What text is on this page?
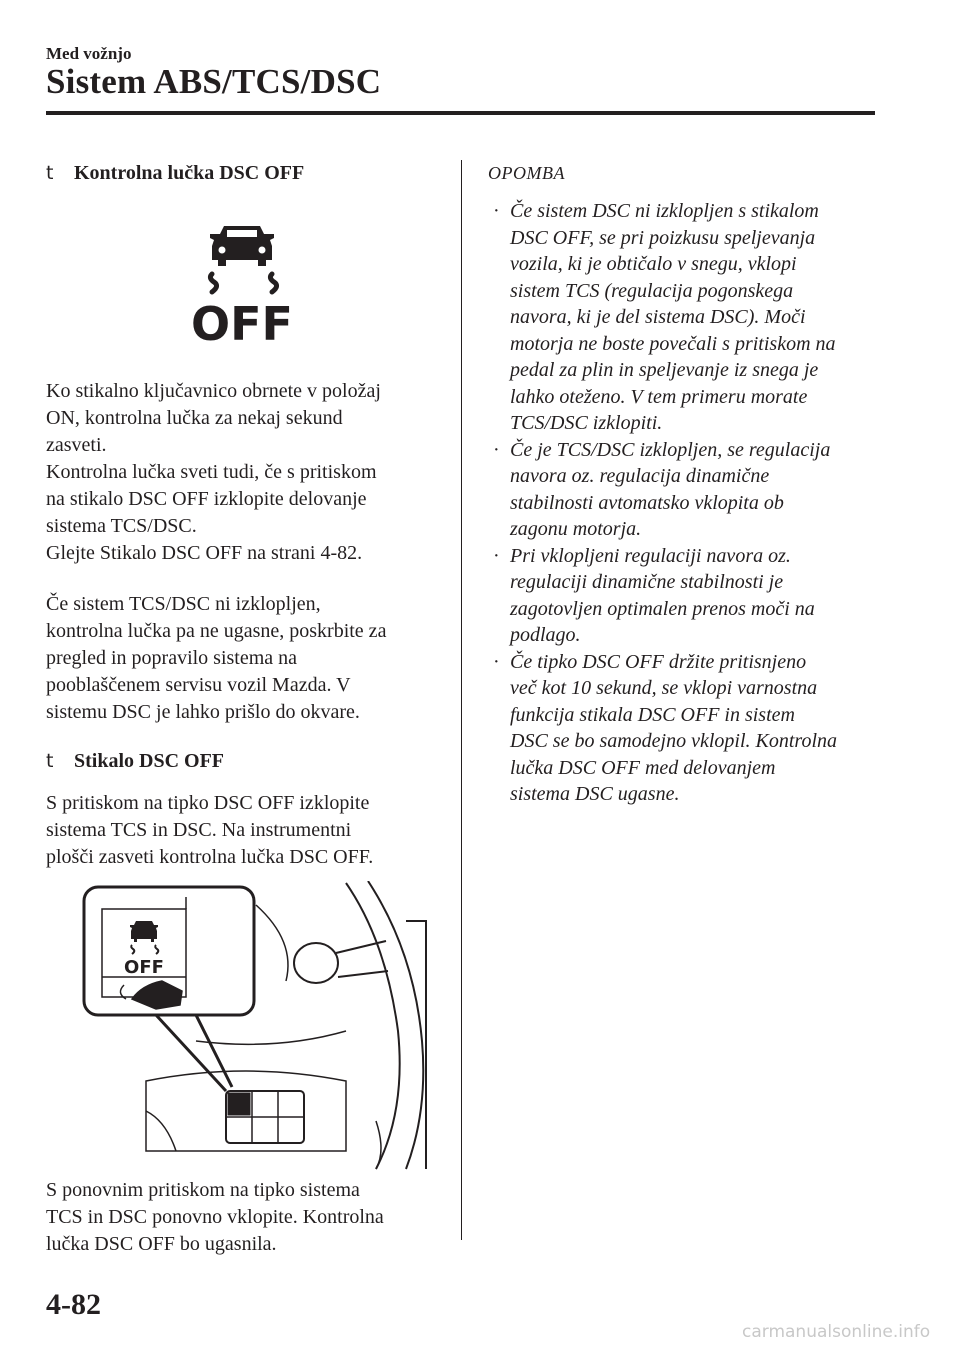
Med vožnjo
Sistem ABS/TCS/DSC
t	Kontrolna lučka DSC OFF
OFF

Ko stikalno ključavnico obrnete v položaj
ON, kontrolna lučka za nekaj sekund
zasveti.
Kontrolna lučka sveti tudi, če s pritiskom
na stikalo DSC OFF izklopite delovanje
sistema TCS/DSC.
Glejte Stikalo DSC OFF na strani 4-82.

Če sistem TCS/DSC ni izklopljen,
kontrolna lučka pa ne ugasne, poskrbite za
pregled in popravilo sistema na
pooblaščenem servisu vozil Mazda. V
sistemu DSC je lahko prišlo do okvare.

t	Stikalo DSC OFF

S pritiskom na tipko DSC OFF izklopite
sistema TCS in DSC. Na instrumentni
plošči zasveti kontrolna lučka DSC OFF.

OFF

S ponovnim pritiskom na tipko sistema
TCS in DSC ponovno vklopite. Kontrolna
lučka DSC OFF bo ugasnila.

OPOMBA

· Če sistem DSC ni izklopljen s stikalom
DSC OFF, se pri poizkusu speljevanja
vozila, ki je obtičalo v snegu, vklopi
sistem TCS (regulacija pogonskega
navora, ki je del sistema DSC). Moči
motorja ne boste povečali s pritiskom na
pedal za plin in speljevanje iz snega je
lahko oteženo. V tem primeru morate
TCS/DSC izklopiti.
· Če je TCS/DSC izklopljen, se regulacija
navora oz. regulacija dinamične
stabilnosti avtomatsko vklopita ob
zagonu motorja.
· Pri vklopljeni regulaciji navora oz.
regulaciji dinamične stabilnosti je
zagotovljen optimalen prenos moči na
podlago.
· Če tipko DSC OFF držite pritisnjeno
več kot 10 sekund, se vklopi varnostna
funkcija stikala DSC OFF in sistem
DSC se bo samodejno vklopil. Kontrolna
lučka DSC OFF med delovanjem
sistema DSC ugasne.
4-82
carmanualsonline.info
